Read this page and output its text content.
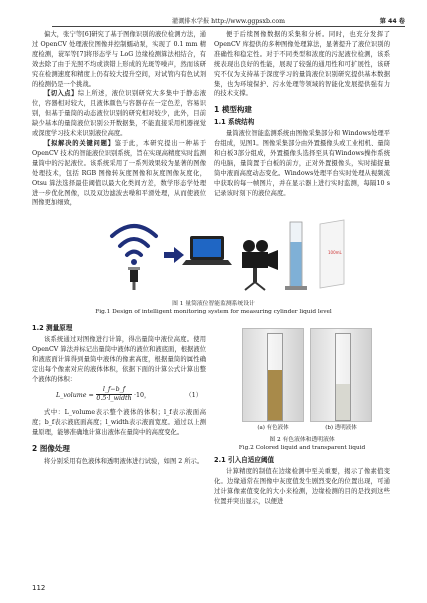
灌溉排水学报 http://www.ggpsxb.com	第 44 卷

偏大，张宁等[6]研究了基于图像识别的液位检测方法，通过 OpenCV 处理液位图像并控制蠕动泵，实现了 0.1 mm 精度检测，蓑军等[7]将形态学与 LoG 边缘检测算法相结合，有效去除了由于光照不均或读错上形成的光斑等噪声，然而该研究在检测速度和精度上仍有较大提升空间，对试管内有色试剂的检测仍是一个挑战。

【切入点】综上所述，液位识别研究大多集中于静态液位，容器相对较大，且液体颜色与容器存在一定色差，容易识别，但基于量筒的动态液位识别的研究相对较少，此外，目前缺少基本的量筒液位识别公开数据集，不能直接采用机器视觉或深度学习技术来识别液位高度。

【拟解决的关键问题】鉴于此，本研究提出一种基于 OpenCV 技术的智能液位识别系统，旨在实现高精度实时监测量筒中的污泥液位。该系统采用了一系列效果较为显著的图像处理技术，包括 RGB 图像转灰度图像和灰度图像灰度化，Otsu 算法选择最佳阈值以最大化类间方差，数学形态学处理进一步优化图像，以及双边滤波去噪和平滑处理，从而使液位图像更加细致，

便于后续图像数据的采集和分析。同时，也充分发挥了 OpenCV 库提供的多种图像处理算法，显著提升了液位识别的准确性和稳定性。对于不同类型和浓度的污泥液位检测，该系统表现出良好的性能，展现了较强的通用性和可扩展性，该研究不仅为支持基于深度学习的量筒液位识别研究提供基本数据集，也为环境保护、污水处理等领域的智能化发展提供强有力的技术支撑。

1 模型构建
1.1 系统结构

量筒液位智能监测系统由图像采集部分和 Windows处理平台组成，见图1。图像采集部分由外置摄像头或工业相机、量筒和白板3部分组成，外置摄像头选择至具有Windows操作系统的电脑，量筒置于白板的前方，正对外置摄像头，实时捕捉量筒中液面高度动态变化。Windows处理平台实时处理从视频流中获取的每一帧图片，并在显示器上进行实时监测，每隔10 s记录该时刻下的液位高度。

100mL
图 1 量筒液位智能监测系统设计
Fig.1 Design of intelligent monitoring system for measuring cylinder liquid level
1.2 测量原理

该系统通过对图像进行计算，得出量筒中液位高度。使用 OpenCV 算法并标记出量筒中液体的液位和液底面，根据液位和液底面计算得到量筒中液体的像素高度，根据量筒的属性确定出每个像素对应的液体体积，依据下面的计算公式计算出整个液体的体积：

L_volume =
l_f−b_f
0.5·l_width ·10，	（1）

式中：L_volume表示整个液体的体积；l_f表示液面高度；b_f表示液底面高度；l_width表示液面宽度。通过以上测量原理，能够准确地计算出液体在量筒中的高度变化。

2 图像处理

将分别采用有色液体和透明液体进行试验，如图 2 所示。

(a) 有色液体	(b) 透明液体
图 2 有色液体和透明液体
Fig.2 Colored liquid and transparent liquid
2.1 引入自适应阈值

计算精度的制值在边缘检测中至关重要，揭示了像素值变化。边缘通常在图像中灰度值发生剧烈变化的位置出现，可通过计算像素值变化的大小来检测，边缘检测的目的是找到这些位置并突出显示，以便进

112
